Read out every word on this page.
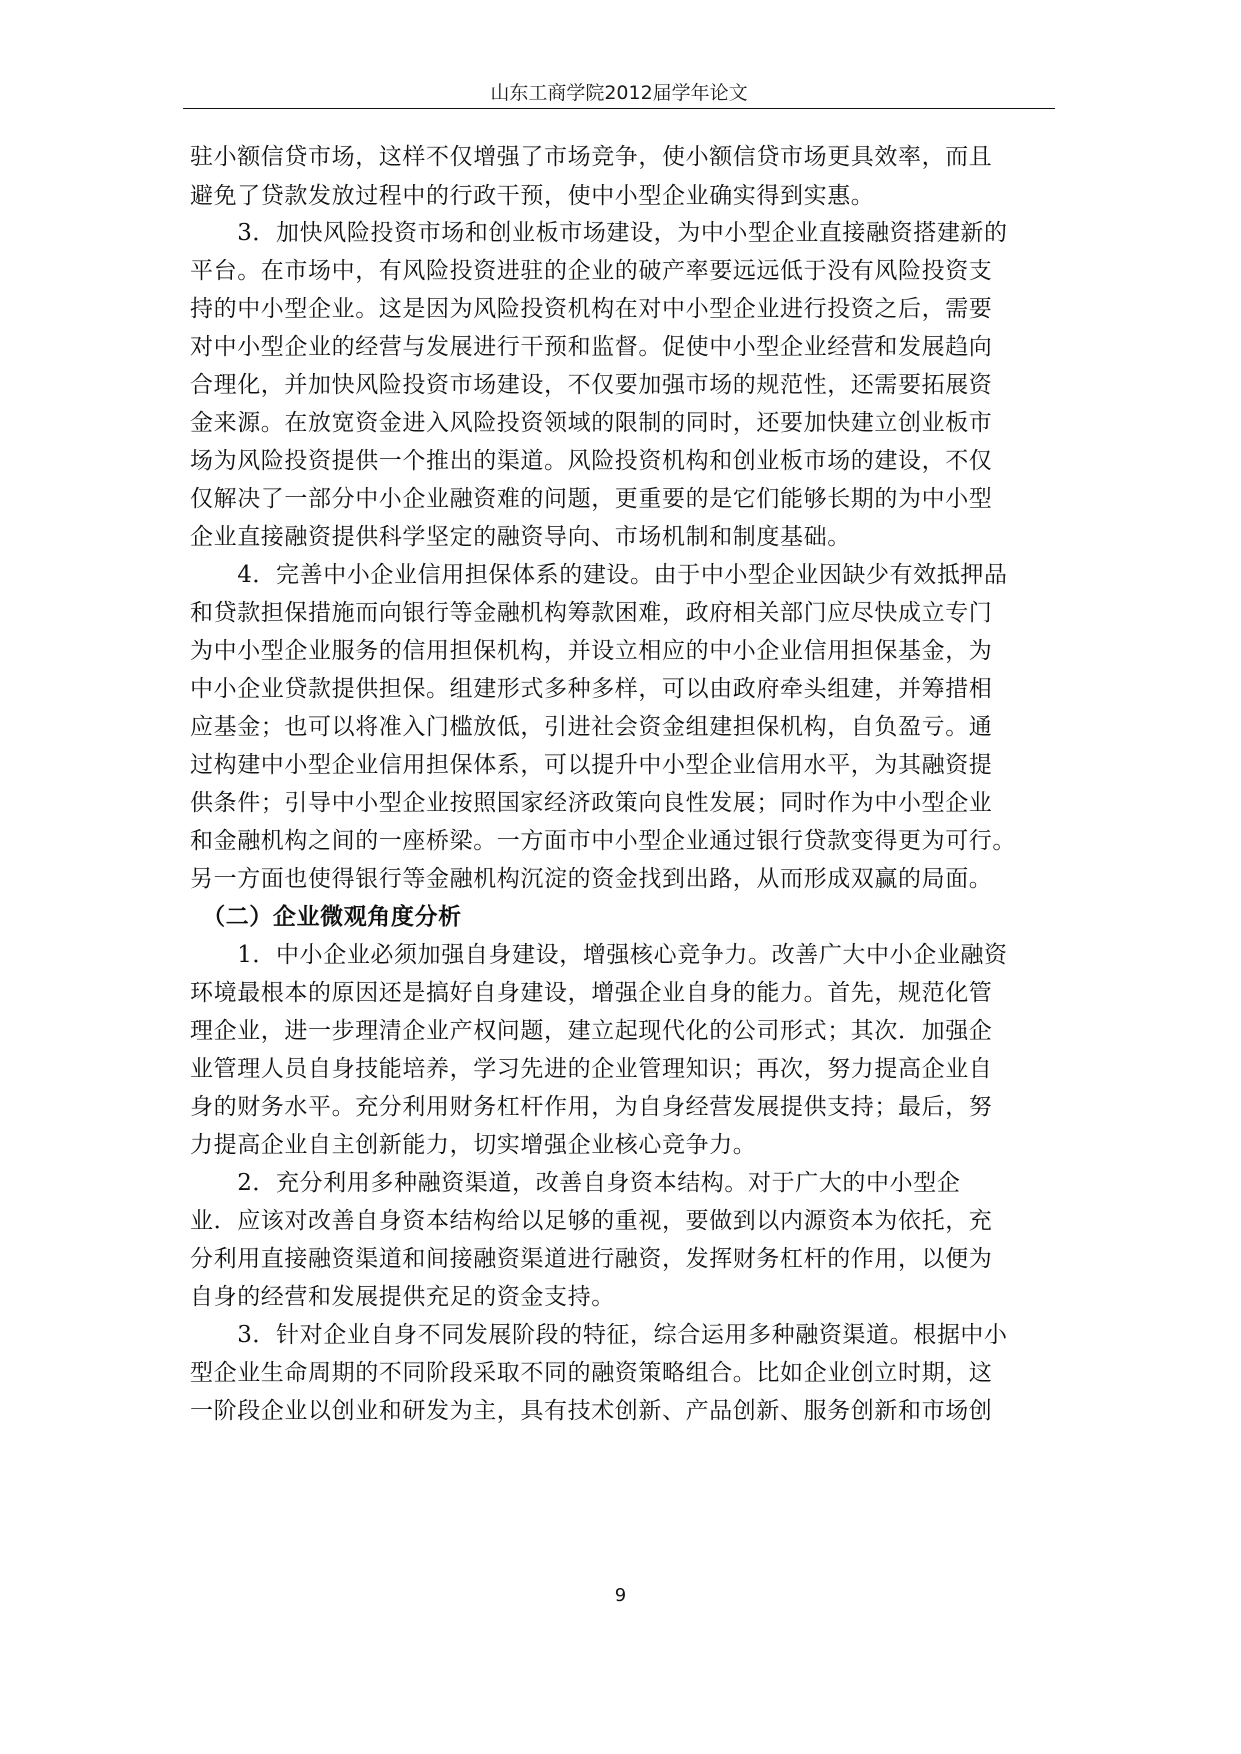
山东工商学院2012届学年论文
驻小额信贷市场，这样不仅增强了市场竞争，使小额信贷市场更具效率，而且
避免了贷款发放过程中的行政干预，使中小型企业确实得到实惠。
　　3．加快风险投资市场和创业板市场建设，为中小型企业直接融资搭建新的
平台。在市场中，有风险投资进驻的企业的破产率要远远低于没有风险投资支
持的中小型企业。这是因为风险投资机构在对中小型企业进行投资之后，需要
对中小型企业的经营与发展进行干预和监督。促使中小型企业经营和发展趋向
合理化，并加快风险投资市场建设，不仅要加强市场的规范性，还需要拓展资
金来源。在放宽资金进入风险投资领域的限制的同时，还要加快建立创业板市
场为风险投资提供一个推出的渠道。风险投资机构和创业板市场的建设，不仅
仅解决了一部分中小企业融资难的问题，更重要的是它们能够长期的为中小型
企业直接融资提供科学坚定的融资导向、市场机制和制度基础。
　　4．完善中小企业信用担保体系的建设。由于中小型企业因缺少有效抵押品
和贷款担保措施而向银行等金融机构筹款困难，政府相关部门应尽快成立专门
为中小型企业服务的信用担保机构，并设立相应的中小企业信用担保基金，为
中小企业贷款提供担保。组建形式多种多样，可以由政府牵头组建，并筹措相
应基金；也可以将准入门槛放低，引进社会资金组建担保机构，自负盈亏。通
过构建中小型企业信用担保体系，可以提升中小型企业信用水平，为其融资提
供条件；引导中小型企业按照国家经济政策向良性发展；同时作为中小型企业
和金融机构之间的一座桥梁。一方面市中小型企业通过银行贷款变得更为可行。
另一方面也使得银行等金融机构沉淀的资金找到出路，从而形成双赢的局面。
　（二）企业微观角度分析
　　1．中小企业必须加强自身建设，增强核心竞争力。改善广大中小企业融资
环境最根本的原因还是搞好自身建设，增强企业自身的能力。首先，规范化管
理企业，进一步理清企业产权问题，建立起现代化的公司形式；其次．加强企
业管理人员自身技能培养，学习先进的企业管理知识；再次，努力提高企业自
身的财务水平。充分利用财务杠杆作用，为自身经营发展提供支持；最后，努
力提高企业自主创新能力，切实增强企业核心竞争力。
　　2．充分利用多种融资渠道，改善自身资本结构。对于广大的中小型企
业．应该对改善自身资本结构给以足够的重视，要做到以内源资本为依托，充
分利用直接融资渠道和间接融资渠道进行融资，发挥财务杠杆的作用，以便为
自身的经营和发展提供充足的资金支持。
　　3．针对企业自身不同发展阶段的特征，综合运用多种融资渠道。根据中小
型企业生命周期的不同阶段采取不同的融资策略组合。比如企业创立时期，这
一阶段企业以创业和研发为主，具有技术创新、产品创新、服务创新和市场创
9
